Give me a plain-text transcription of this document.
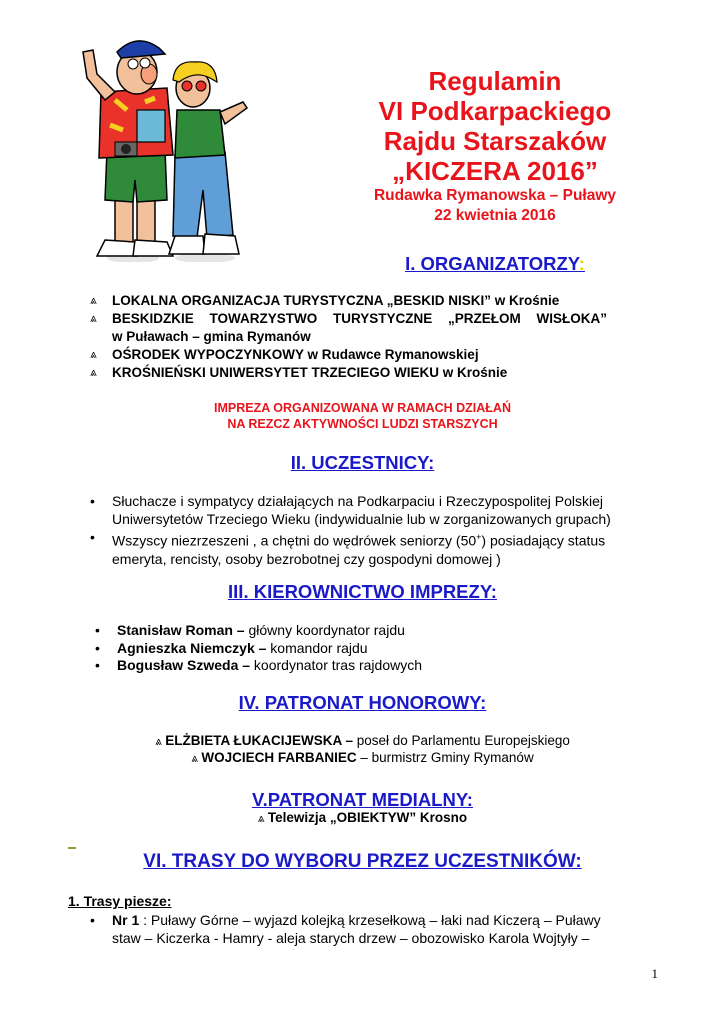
Regulamin
VI Podkarpackiego
Rajdu Starszaków
„KICZERA 2016”
Rudawka Rymanowska – Puławy
22 kwietnia 2016
I. ORGANIZATORZY:
⩓ LOKALNA ORGANIZACJA TURYSTYCZNA „BESKID NISKI” w Krośnie
⩓ BESKIDZKIE TOWARZYSTWO TURYSTYCZNE „PRZEŁOM WISŁOKA”
w Puławach – gmina Rymanów
⩓ OŚRODEK WYPOCZYNKOWY w Rudawce Rymanowskiej
⩓ KROŚNIEŃSKI UNIWERSYTET TRZECIEGO WIEKU w Krośnie
IMPREZA ORGANIZOWANA W RAMACH DZIAŁAŃ
NA REZCZ AKTYWNOŚCI LUDZI STARSZYCH
II. UCZESTNICY:
• Słuchacze i sympatycy działających na Podkarpaciu i Rzeczypospolitej Polskiej
Uniwersytetów Trzeciego Wieku (indywidualnie lub w zorganizowanych grupach)
• Wszyscy niezrzeszeni , a chętni do wędrówek seniorzy (50+) posiadający status
emeryta, rencisty, osoby bezrobotnej czy gospodyni domowej )
III. KIEROWNICTWO IMPREZY:
• Stanisław Roman – główny koordynator rajdu
• Agnieszka Niemczyk – komandor rajdu
• Bogusław Szweda – koordynator tras rajdowych
IV. PATRONAT HONOROWY:
⩓ ELŻBIETA ŁUKACIJEWSKA – poseł do Parlamentu Europejskiego
⩓ WOJCIECH FARBANIEC – burmistrz Gminy Rymanów
V.PATRONAT MEDIALNY:
⩓ Telewizja „OBIEKTYW” Krosno
VI. TRASY DO WYBORU PRZEZ UCZESTNIKÓW:
1. Trasy piesze:
• Nr 1 : Puławy Górne – wyjazd kolejką krzesełkową – łaki nad Kiczerą – Puławy
staw – Kiczerka - Hamry - aleja starych drzew – obozowisko Karola Wojtyły –
1
